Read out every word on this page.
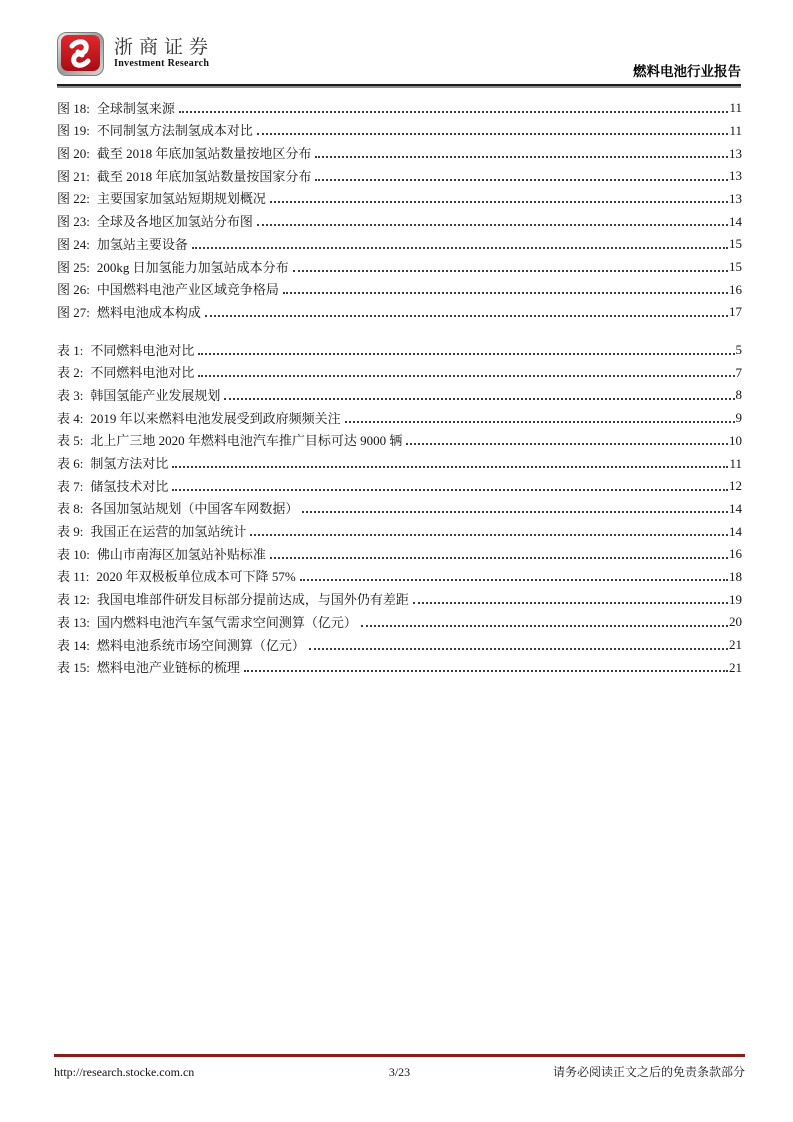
浙商证券
Investment Research
燃料电池行业报告
图 18: 全球制氢来源	11
图 19: 不同制氢方法制氢成本对比	11
图 20: 截至 2018 年底加氢站数量按地区分布	13
图 21: 截至 2018 年底加氢站数量按国家分布	13
图 22: 主要国家加氢站短期规划概况	13
图 23: 全球及各地区加氢站分布图	14
图 24: 加氢站主要设备	15
图 25: 200kg 日加氢能力加氢站成本分布	15
图 26: 中国燃料电池产业区域竞争格局	16
图 27: 燃料电池成本构成	17
表 1: 不同燃料电池对比	5
表 2: 不同燃料电池对比	7
表 3: 韩国氢能产业发展规划	8
表 4: 2019 年以来燃料电池发展受到政府频频关注	9
表 5: 北上广三地 2020 年燃料电池汽车推广目标可达 9000 辆	10
表 6: 制氢方法对比	11
表 7: 储氢技术对比	12
表 8: 各国加氢站规划（中国客车网数据）	14
表 9: 我国正在运营的加氢站统计	14
表 10: 佛山市南海区加氢站补贴标准	16
表 11: 2020 年双极板单位成本可下降 57%	18
表 12: 我国电堆部件研发目标部分提前达成，与国外仍有差距	19
表 13: 国内燃料电池汽车氢气需求空间测算（亿元）	20
表 14: 燃料电池系统市场空间测算（亿元）	21
表 15: 燃料电池产业链标的梳理	21
http://research.stocke.com.cn	3/23	请务必阅读正文之后的免责条款部分
